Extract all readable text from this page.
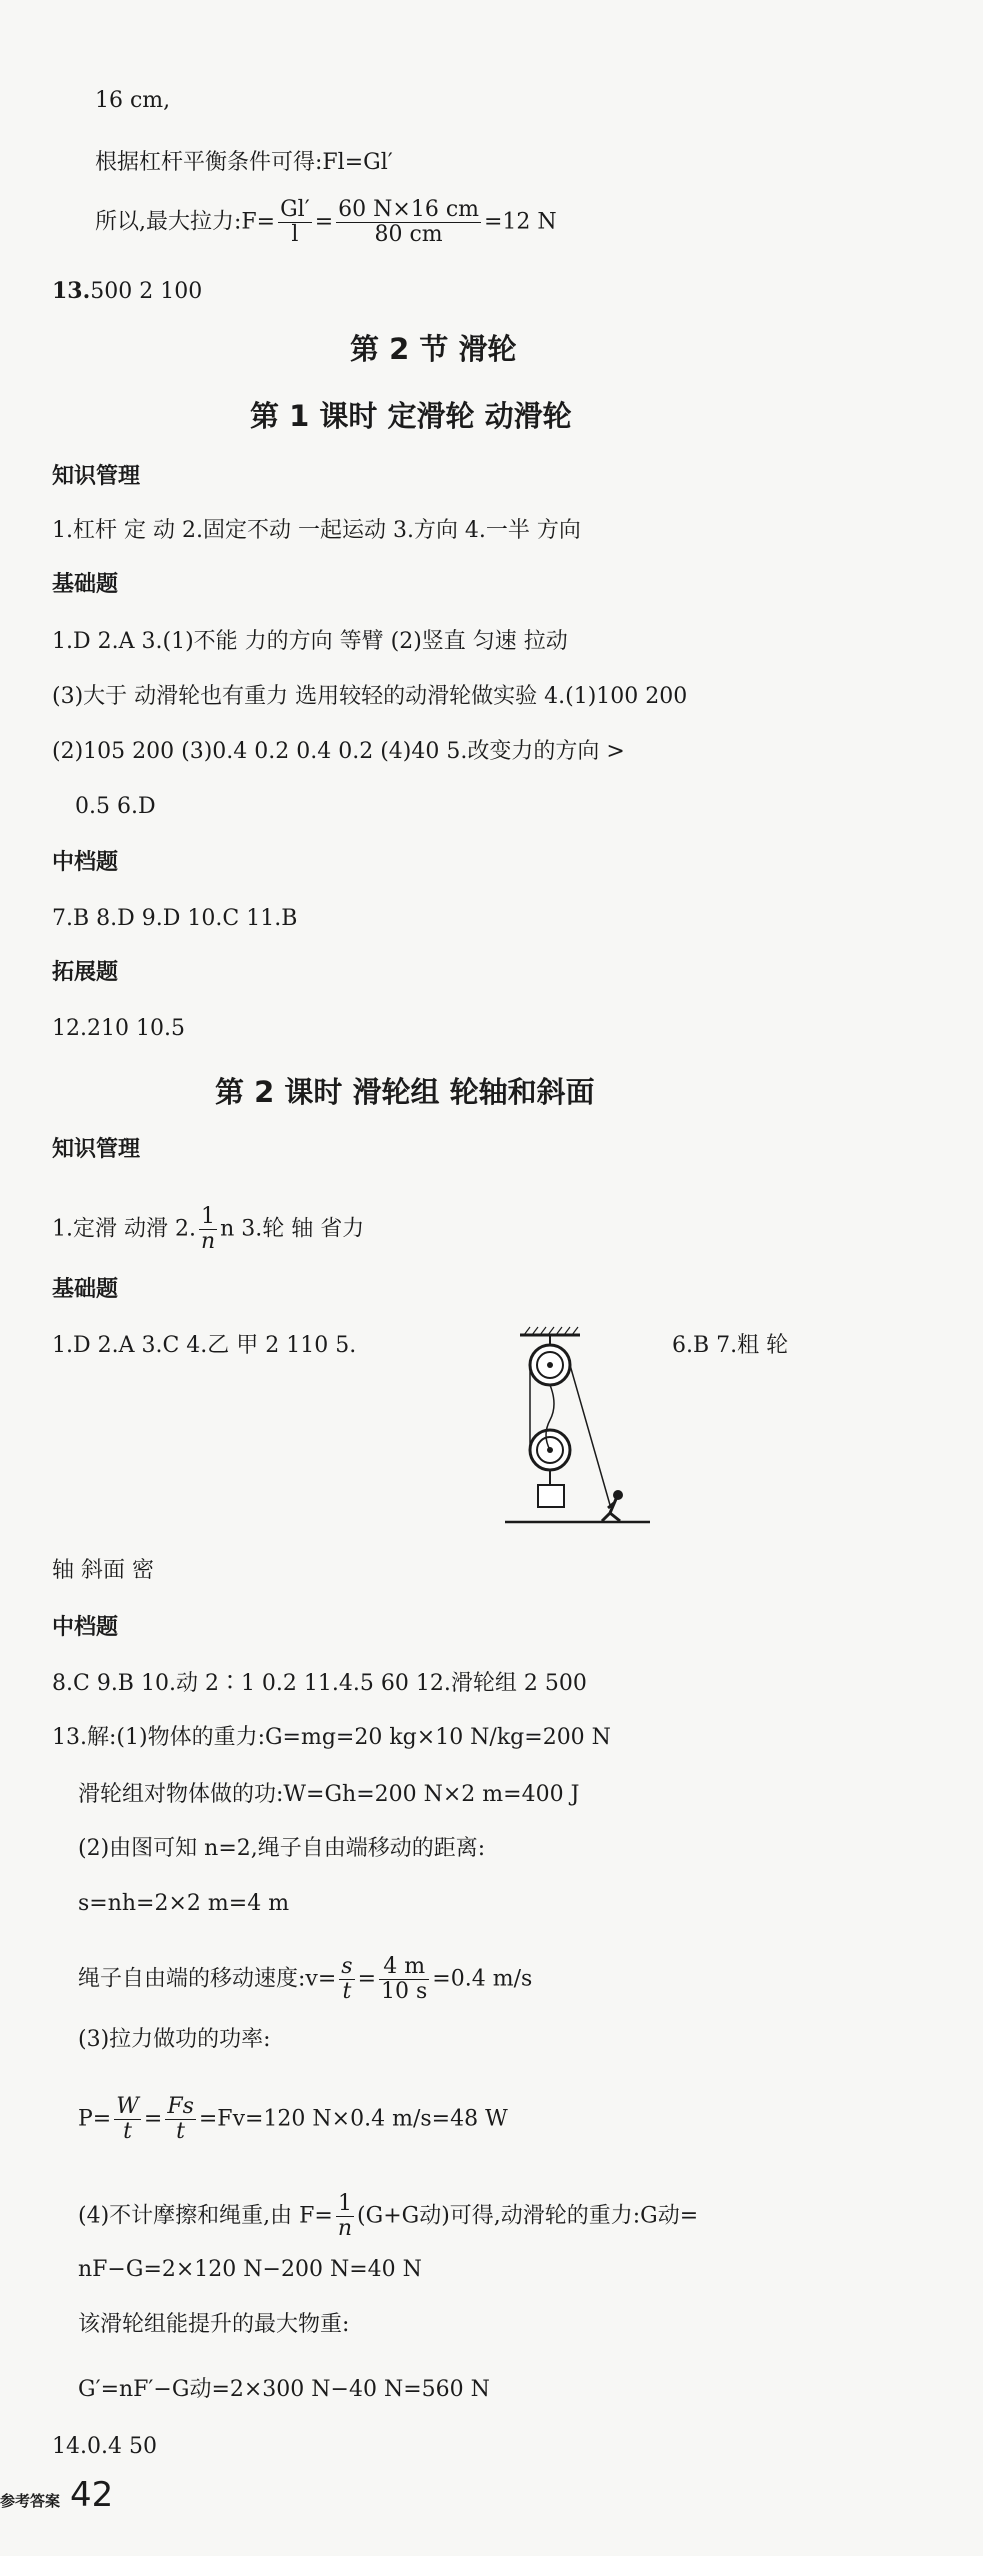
16 cm,
根据杠杆平衡条件可得:Fl=Gl′
所以,最大拉力:F= $\frac{Gl'}{l} = \frac{60 N\times 16 cm}{80 cm} =12$ N
13.500 2 100
第 2 节 滑轮
第 1 课时 定滑轮 动滑轮
知识管理
1.杠杆 定 动 2.固定不动 一起运动 3.方向 4.一半 方向
基础题
1.D 2.A 3.(1)不能 力的方向 等臂 (2)竖直 匀速 拉动
(3)大于 动滑轮也有重力 选用较轻的动滑轮做实验 4.(1)100 200
(2)105 200 (3)0.4 0.2 0.4 0.2 (4)40 5.改变力的方向 >
0.5 6.D
中档题
7.B 8.D 9.D 10.C 11.B
拓展题
12.210 10.5
第 2 课时 滑轮组 轮轴和斜面
知识管理
1.定滑 动滑 2. $\frac{1}{n}$ n 3.轮 轴 省力
基础题
1.D 2.A 3.C 4.乙 甲 2 110 5.	6.B 7.粗 轮
轴 斜面 密
中档题
8.C 9.B 10.动 2∶1 0.2 11.4.5 60 12.滑轮组 2 500
13.解:(1)物体的重力:G=mg=20 kg×10 N/kg=200 N
滑轮组对物体做的功:W=Gh=200 N×2 m=400 J
(2)由图可知 n=2,绳子自由端移动的距离:
s=nh=2×2 m=4 m
绳子自由端的移动速度:v= $\frac{s}{t} = \frac{4 m}{10 s} =0.4$ m/s
(3)拉力做功的功率:
$P= \frac{W}{t} = \frac{Fs}{t} =Fv=120$ N×0.4 m/s=48 W
(4)不计摩擦和绳重,由 $F= \frac{1}{n} (G+G$动)可得,动滑轮的重力:G动=
nF−G=2×120 N−200 N=40 N
该滑轮组能提升的最大物重:
G′=nF′−G动=2×300 N−40 N=560 N
14.0.4 50
参考答案 42
